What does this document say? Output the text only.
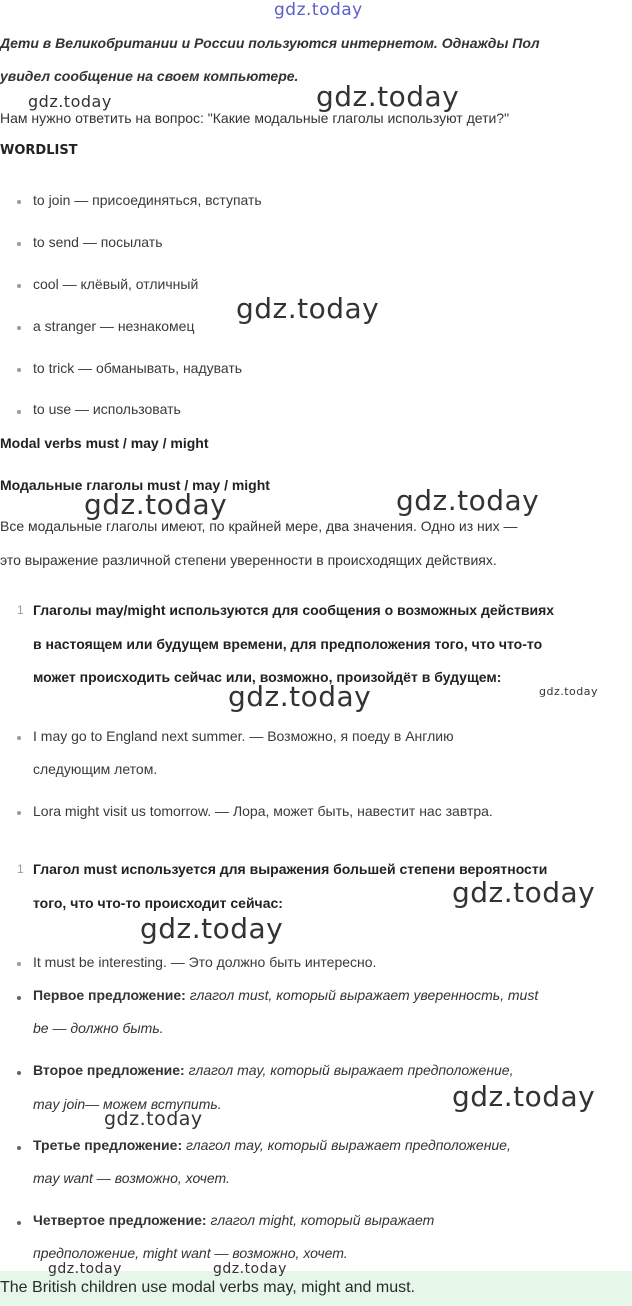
gdz.today
Дети в Великобритании и России пользуются интернетом. Однажды Пол
увидел сообщение на своем компьютере.
Нам нужно ответить на вопрос: "Какие модальные глаголы используют дети?"
WORDLIST
to join — присоединяться, вступать
to send — посылать
cool — клёвый, отличный
a stranger — незнакомец
to trick — обманывать, надувать
to use — использовать
Modal verbs must / may / might
Модальные глаголы must / may / might
Все модальные глаголы имеют, по крайней мере, два значения. Одно из них —
это выражение различной степени уверенности в происходящих действиях.
1 Глаголы may/might используются для сообщения о возможных действиях
в настоящем или будущем времени, для предположения того, что что-то
может происходить сейчас или, возможно, произойдёт в будущем:
I may go to England next summer. — Возможно, я поеду в Англию
следующим летом.
Lora might visit us tomorrow. — Лора, может быть, навестит нас завтра.
1 Глагол must используется для выражения большей степени вероятности
того, что что-то происходит сейчас:
It must be interesting. — Это должно быть интересно.
Первое предложение: глагол must, который выражает уверенность, must
be — должно быть.
Второе предложение: глагол may, который выражает предположение,
may join— можем вступить.
Третье предложение: глагол may, который выражает предположение,
may want — возможно, хочет.
Четвертое предложение: глагол might, который выражает
предположение, might want — возможно, хочет.
The British children use modal verbs may, might and must.
gdz.today	gdz.today
gdz.today
gdz.today	gdz.today
gdz.today	gdz.today
gdz.today
gdz.today
gdz.today
gdz.today
gdz.today	gdz.today
